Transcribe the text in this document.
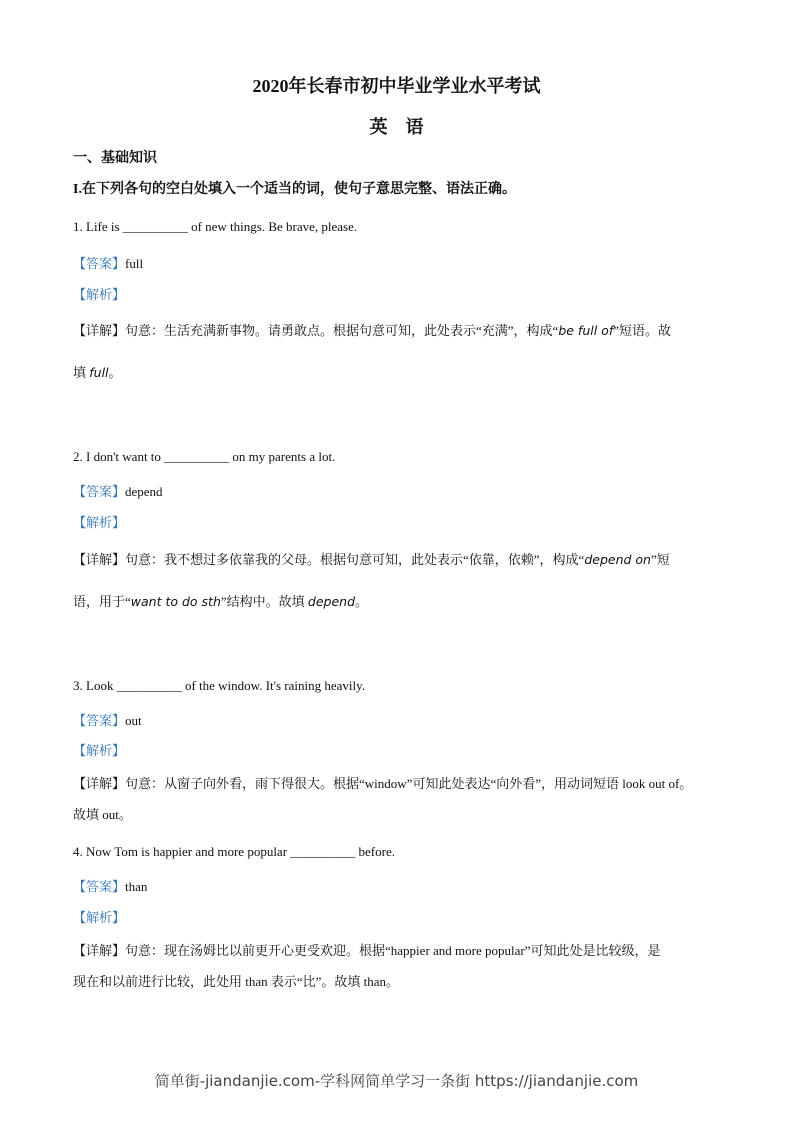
2020年长春市初中毕业学业水平考试
英　语
一、基础知识
I.在下列各句的空白处填入一个适当的词，使句子意思完整、语法正确。
1. Life is __________ of new things. Be brave, please.
【答案】full
【解析】
【详解】句意：生活充满新事物。请勇敢点。根据句意可知，此处表示“充满”，构成“be full of”短语。故
填 full。
2. I don't want to __________ on my parents a lot.
【答案】depend
【解析】
【详解】句意：我不想过多依靠我的父母。根据句意可知，此处表示“依靠，依赖”，构成“depend on”短
语，用于“want to do sth”结构中。故填 depend。
3. Look __________ of the window. It's raining heavily.
【答案】out
【解析】
【详解】句意：从窗子向外看，雨下得很大。根据“window”可知此处表达“向外看”，用动词短语 look out of。
故填 out。
4. Now Tom is happier and more popular __________ before.
【答案】than
【解析】
【详解】句意：现在汤姆比以前更开心更受欢迎。根据“happier and more popular”可知此处是比较级，是
现在和以前进行比较，此处用 than 表示“比”。故填 than。
简单街-jiandanjie.com-学科网简单学习一条街 https://jiandanjie.com
